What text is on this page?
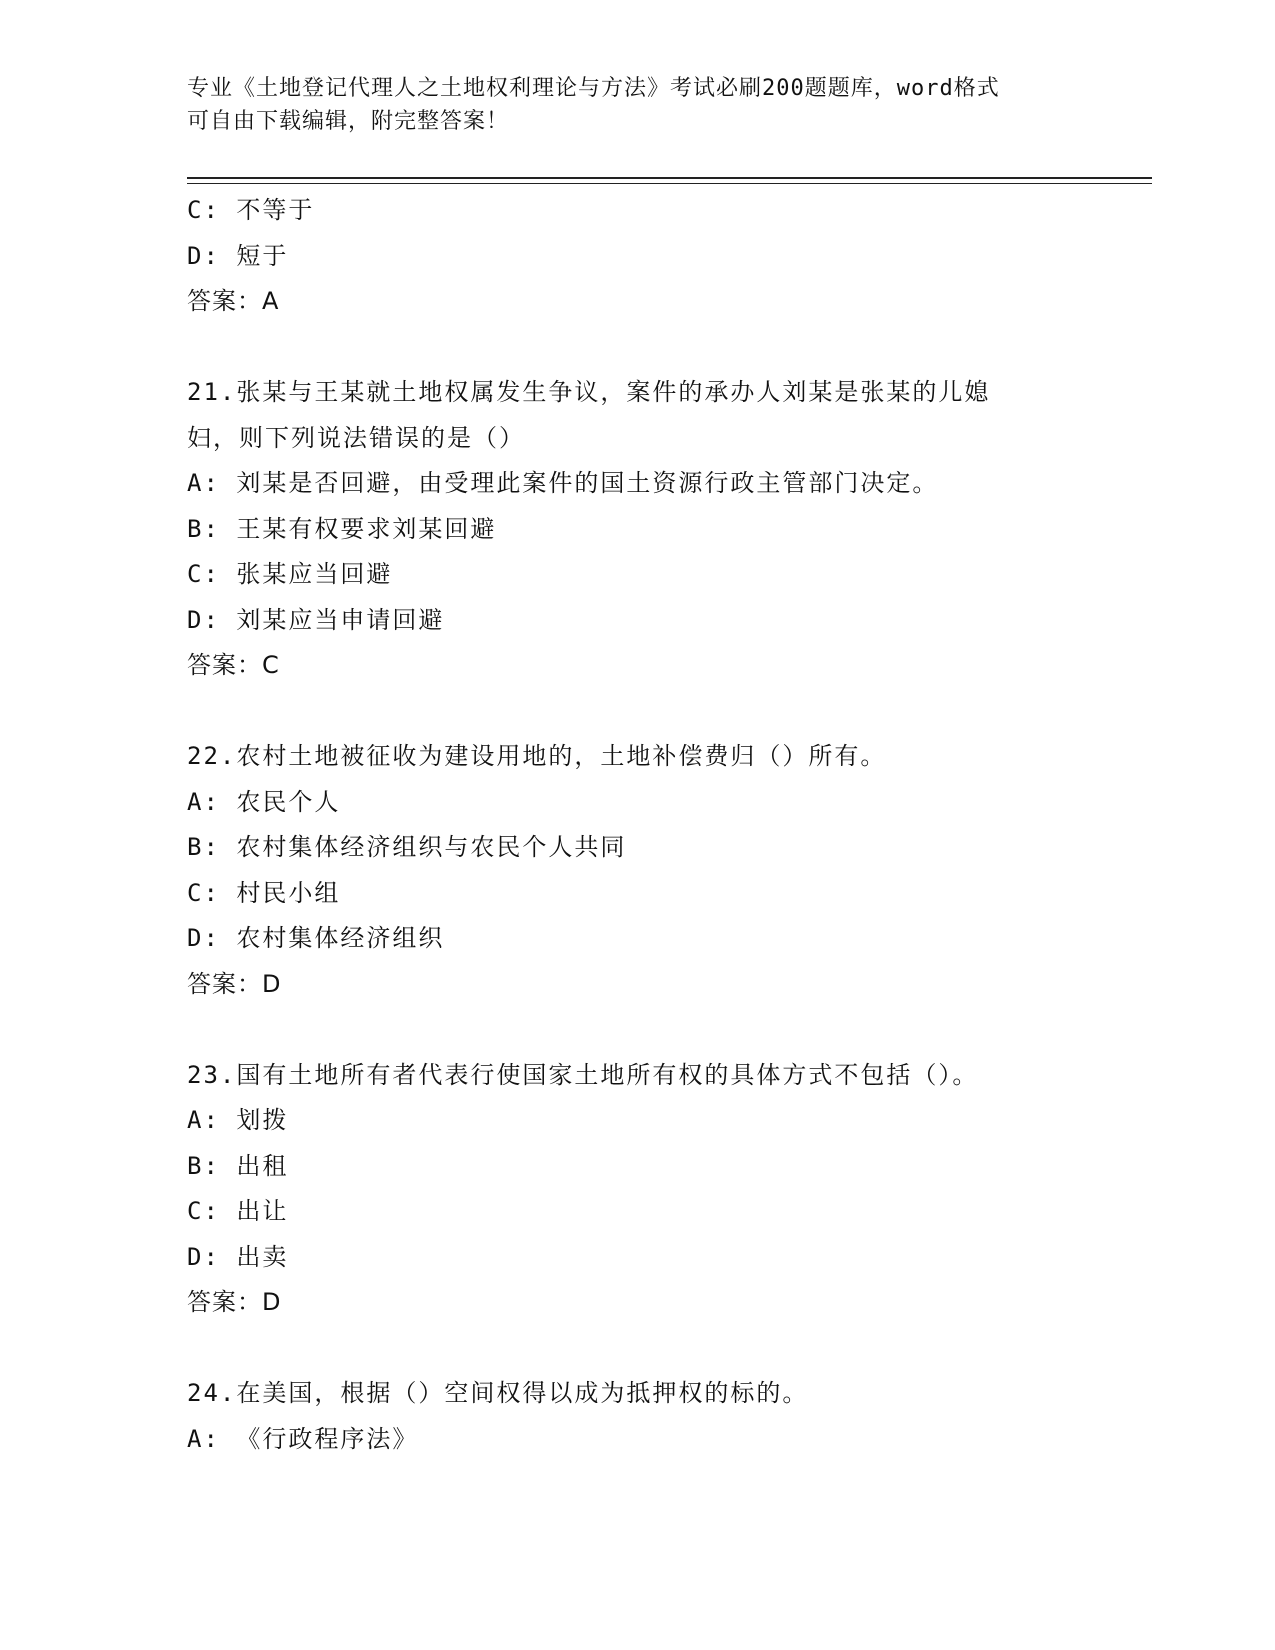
专业《土地登记代理人之土地权利理论与方法》考试必刷200题题库，word格式
可自由下载编辑，附完整答案！
C: 不等于
D: 短于
答案：A
21.张某与王某就土地权属发生争议，案件的承办人刘某是张某的儿媳
妇，则下列说法错误的是（）
A: 刘某是否回避，由受理此案件的国土资源行政主管部门决定。
B: 王某有权要求刘某回避
C: 张某应当回避
D: 刘某应当申请回避
答案：C
22.农村土地被征收为建设用地的，土地补偿费归（）所有。
A: 农民个人
B: 农村集体经济组织与农民个人共同
C: 村民小组
D: 农村集体经济组织
答案：D
23.国有土地所有者代表行使国家土地所有权的具体方式不包括（）。
A: 划拨
B: 出租
C: 出让
D: 出卖
答案：D
24.在美国，根据（）空间权得以成为抵押权的标的。
A: 《行政程序法》
